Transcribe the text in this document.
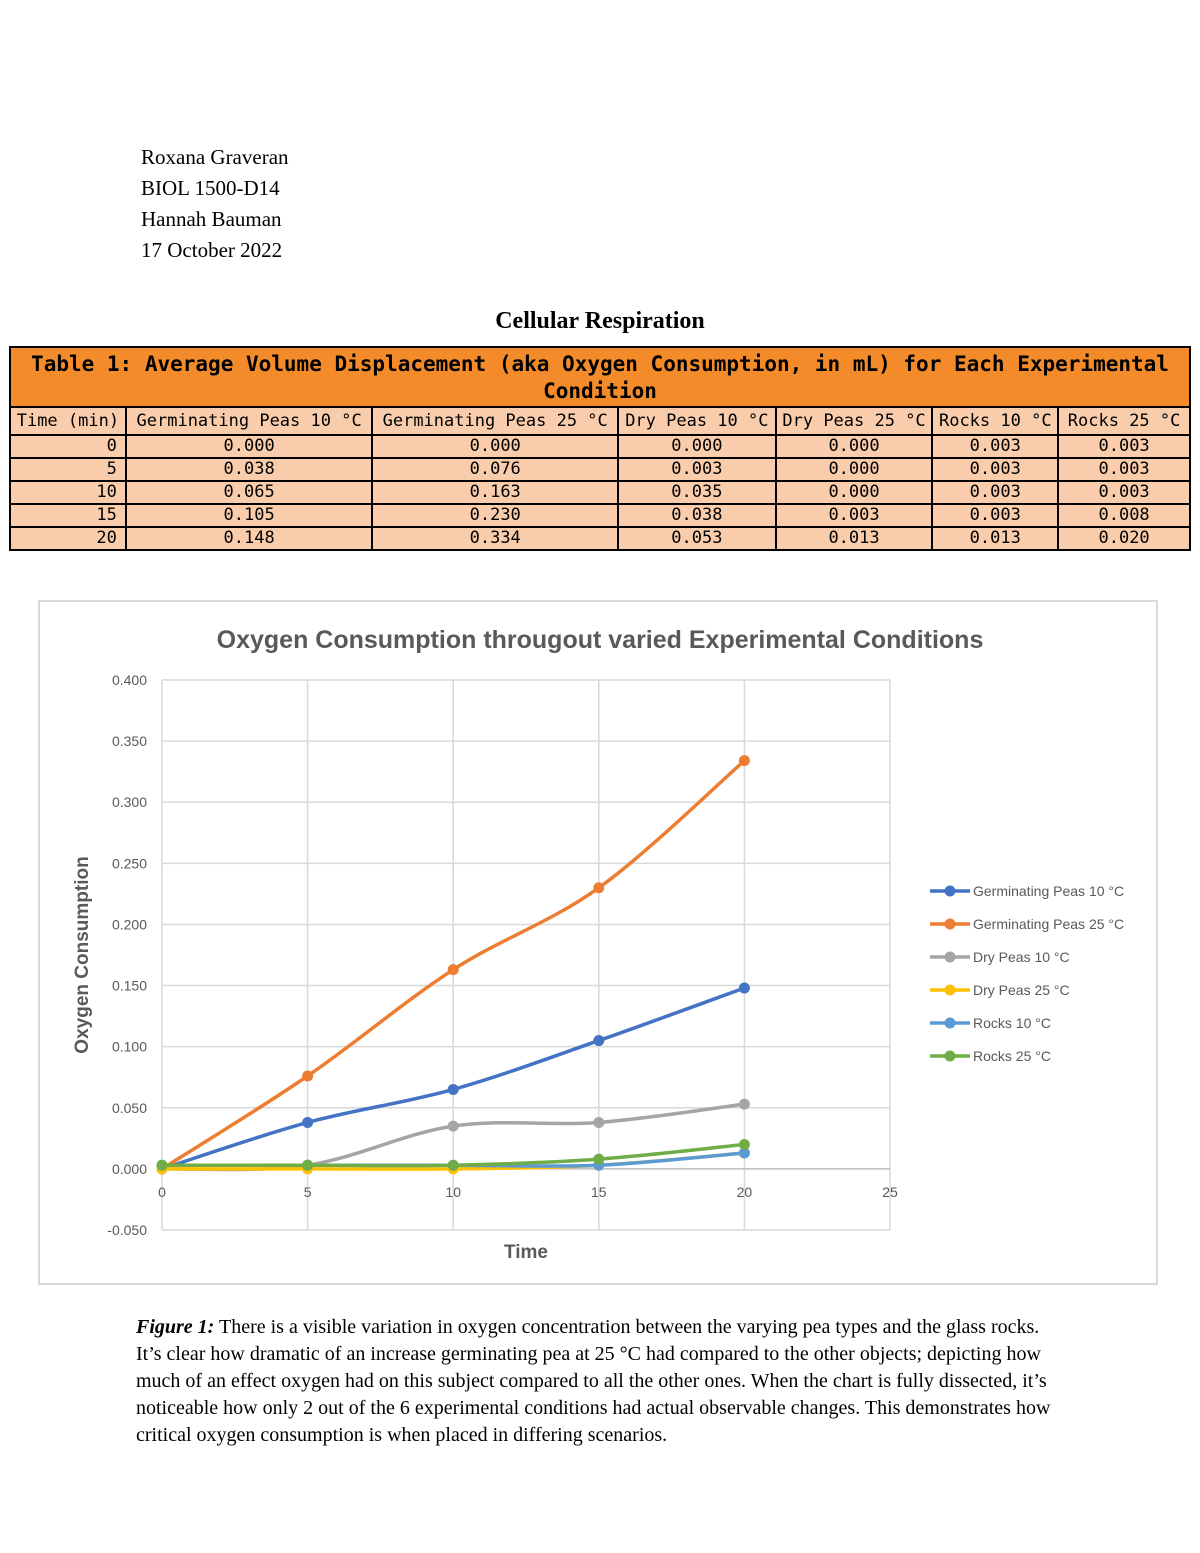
Roxana Graveran
BIOL 1500-D14
Hannah Bauman
17 October 2022
Cellular Respiration
Table 1: Average Volume Displacement (aka Oxygen Consumption, in mL) for Each Experimental Condition						
Time (min)	Germinating Peas 10 °C	Germinating Peas 25 °C	Dry Peas 10 °C	Dry Peas 25 °C	Rocks 10 °C	Rocks 25 °C
0	0.000	0.000	0.000	0.000	0.003	0.003
5	0.038	0.076	0.003	0.000	0.003	0.003
10	0.065	0.163	0.035	0.000	0.003	0.003
15	0.105	0.230	0.038	0.003	0.003	0.008
20	0.148	0.334	0.053	0.013	0.013	0.020
Oxygen Consumption througout varied Experimental Conditions
-0.050
0.000
0.050
0.100
0.150
0.200
0.250
0.300
0.350
0.400
0	5	10	15	20	25
Time
Oxygen Consumption	Germinating Peas 10 °C
Germinating Peas 25 °C
Dry Peas 10 °C
Dry Peas 25 °C
Rocks 10 °C
Rocks 25 °C
Figure 1: There is a visible variation in oxygen concentration between the varying pea types and the glass rocks. It’s clear how dramatic of an increase germinating pea at 25 °C had compared to the other objects; depicting how much of an effect oxygen had on this subject compared to all the other ones. When the chart is fully dissected, it’s noticeable how only 2 out of the 6 experimental conditions had actual observable changes. This demonstrates how critical oxygen consumption is when placed in differing scenarios.
